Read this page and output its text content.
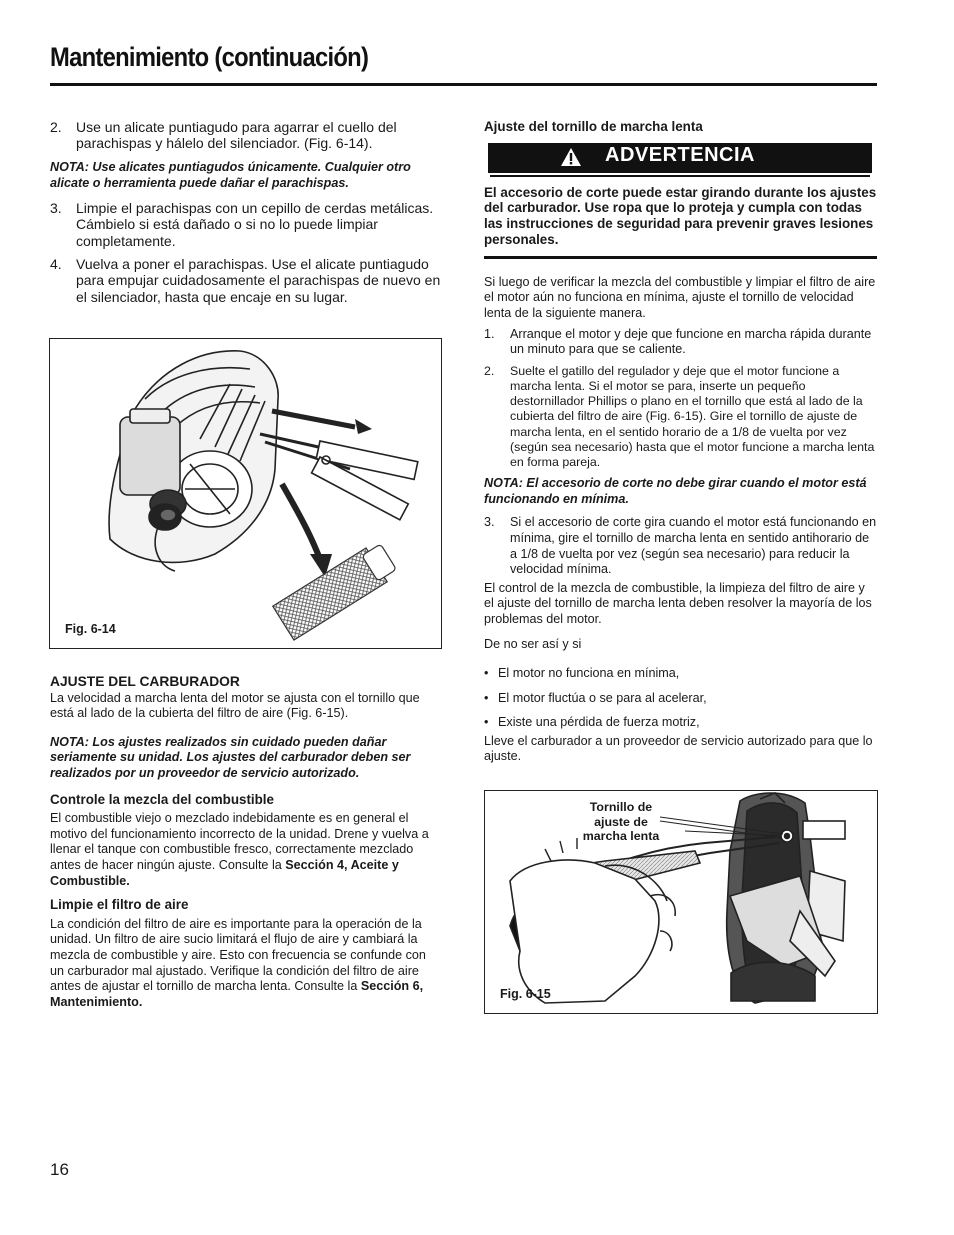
Mantenimiento (continuación)
2.	Use un alicate puntiagudo para agarrar el cuello del parachispas y hálelo del silenciador. (Fig. 6-14).
NOTA: Use alicates puntiagudos únicamente. Cualquier otro alicate o herramienta puede dañar el parachispas.
3.	Limpie el parachispas con un cepillo de cerdas metálicas. Cámbielo si está dañado o si no lo puede limpiar completamente.
4.	Vuelva a poner el parachispas. Use el alicate puntiagudo para empujar cuidadosamente el parachispas de nuevo en el silenciador, hasta que encaje en su lugar.
Fig. 6-14
AJUSTE DEL CARBURADOR

La velocidad a marcha lenta del motor se ajusta con el tornillo que está al lado de la cubierta del filtro de aire (Fig. 6-15).

NOTA: Los ajustes realizados sin cuidado pueden dañar seriamente su unidad. Los ajustes del carburador deben ser realizados por un proveedor de servicio autorizado.

Controle la mezcla del combustible

El combustible viejo o mezclado indebidamente es en general el motivo del funcionamiento incorrecto de la unidad. Drene y vuelva a llenar el tanque con combustible fresco, correctamente mezclado antes de hacer ningún ajuste. Consulte la Sección 4, Aceite y Combustible.

Limpie el filtro de aire

La condición del filtro de aire es importante para la operación de la unidad. Un filtro de aire sucio limitará el flujo de aire y cambiará la mezcla de combustible y aire. Esto con frecuencia se confunde con un carburador mal ajustado. Verifique la condición del filtro de aire antes de ajustar el tornillo de marcha lenta. Consulte la Sección 6, Mantenimiento.

Ajuste del tornillo de marcha lenta
ADVERTENCIA

El accesorio de corte puede estar girando durante los ajustes del carburador. Use ropa que lo proteja y cumpla con todas las instrucciones de seguridad para prevenir graves lesiones personales.

Si luego de verificar la mezcla del combustible y limpiar el filtro de aire el motor aún no funciona en mínima, ajuste el tornillo de velocidad lenta de la siguiente manera.

1.	Arranque el motor y deje que funcione en marcha rápida durante un minuto para que se caliente.
2.	Suelte el gatillo del regulador y deje que el motor funcione a marcha lenta. Si el motor se para, inserte un pequeño destornillador Phillips o plano en el tornillo que está al lado de la cubierta del filtro de aire (Fig. 6-15). Gire el tornillo de ajuste de marcha lenta, en el sentido horario de a 1/8 de vuelta por vez (según sea necesario) hasta que el motor funcione a marcha lenta en forma pareja.

NOTA: El accesorio de corte no debe girar cuando el motor está funcionando en mínima.

3.	Si el accesorio de corte gira cuando el motor está funcionando en mínima, gire el tornillo de marcha lenta en sentido antihorario de a 1/8 de vuelta por vez (según sea necesario) para reducir la velocidad mínima.

El control de la mezcla de combustible, la limpieza del filtro de aire y el ajuste del tornillo de marcha lenta deben resolver la mayoría de los problemas del motor.

De no ser así y si

• El motor no funciona en mínima,
• El motor fluctúa o se para al acelerar,
• Existe una pérdida de fuerza motriz,

Lleve el carburador a un proveedor de servicio autorizado para que lo ajuste.

Tornillo de ajuste de marcha lenta
Fig. 6-15
16
